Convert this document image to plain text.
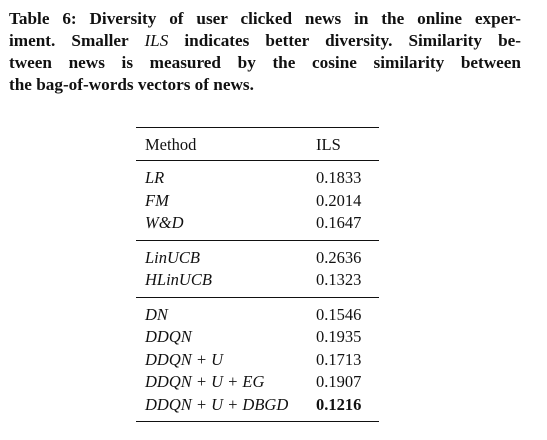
Table 6: Diversity of user clicked news in the online exper-
iment. Smaller ILS indicates better diversity. Similarity be-
tween news is measured by the cosine similarity between
the bag-of-words vectors of news.
Method	ILS
LR	0.1833
FM	0.2014
W&D	0.1647
LinUCB	0.2636
HLinUCB	0.1323
DN	0.1546
DDQN	0.1935
DDQN + U	0.1713
DDQN + U + EG	0.1907
DDQN + U + DBGD	0.1216
